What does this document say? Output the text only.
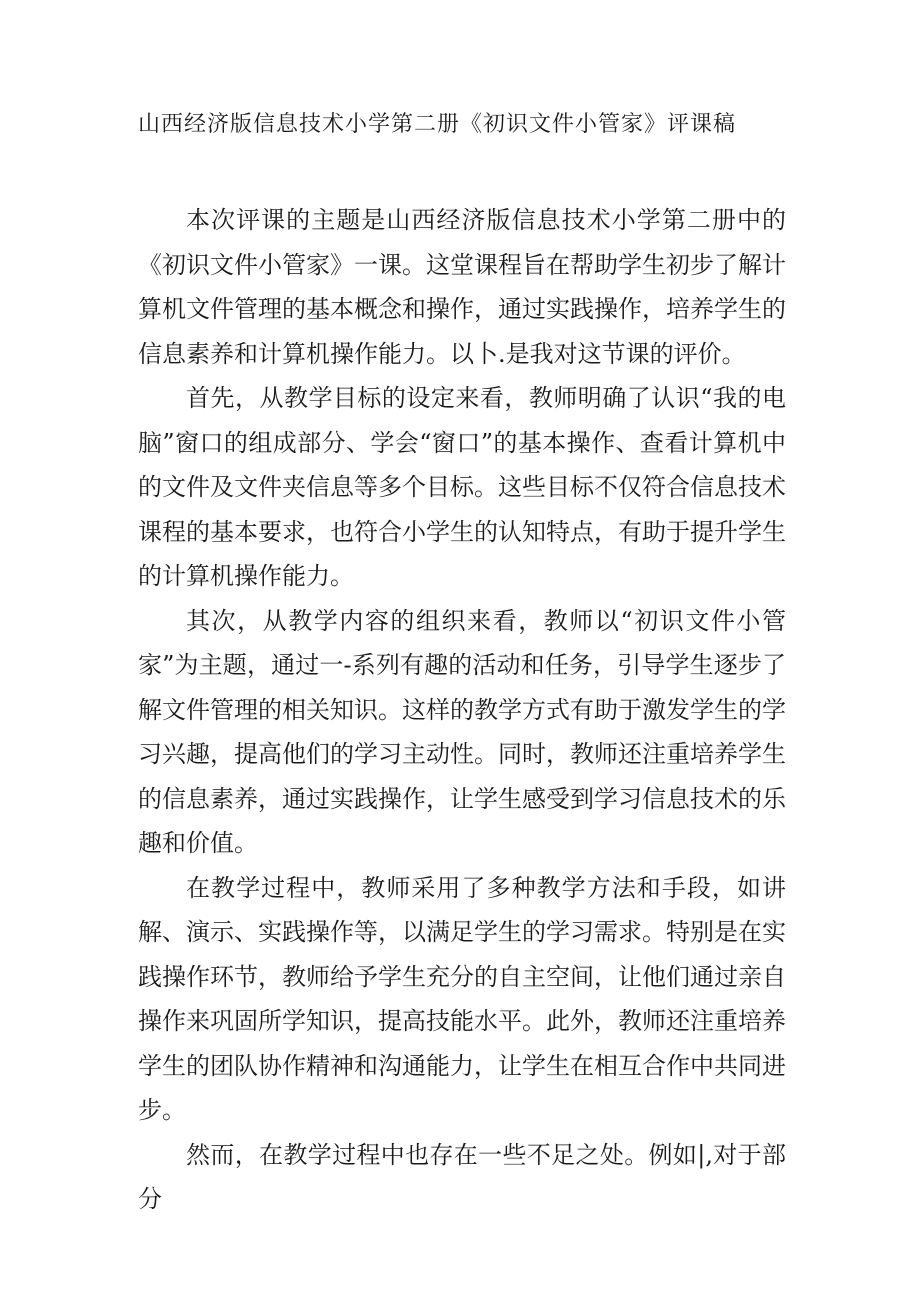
山西经济版信息技术小学第二册《初识文件小管家》评课稿

本次评课的主题是山西经济版信息技术小学第二册中的《初识文件小管家》一课。这堂课程旨在帮助学生初步了解计算机文件管理的基本概念和操作，通过实践操作，培养学生的信息素养和计算机操作能力。以卜.是我对这节课的评价。

首先，从教学目标的设定来看，教师明确了认识“我的电脑”窗口的组成部分、学会“窗口”的基本操作、查看计算机中的文件及文件夹信息等多个目标。这些目标不仅符合信息技术课程的基本要求，也符合小学生的认知特点，有助于提升学生的计算机操作能力。

其次，从教学内容的组织来看，教师以“初识文件小管家”为主题，通过一-系列有趣的活动和任务，引导学生逐步了解文件管理的相关知识。这样的教学方式有助于激发学生的学习兴趣，提高他们的学习主动性。同时，教师还注重培养学生的信息素养，通过实践操作，让学生感受到学习信息技术的乐趣和价值。

在教学过程中，教师采用了多种教学方法和手段，如讲解、演示、实践操作等，以满足学生的学习需求。特别是在实践操作环节，教师给予学生充分的自主空间，让他们通过亲自操作来巩固所学知识，提高技能水平。此外，教师还注重培养学生的团队协作精神和沟通能力，让学生在相互合作中共同进步。

然而，在教学过程中也存在一些不足之处。例如|,对于部分
